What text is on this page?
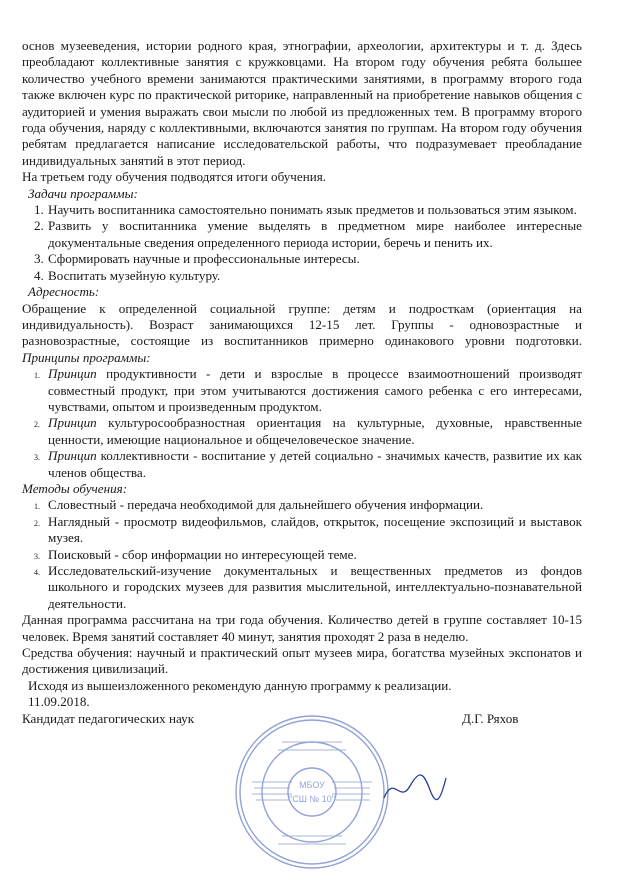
основ музееведения, истории родного края, этнографии, археологии, архитектуры и т. д. Здесь преобладают коллективные занятия с кружковцами. На втором году обучения ребята большее количество учебного времени занимаются практическими занятиями, в программу второго года также включен курс по практической риторике, направленный на приобретение навыков общения с аудиторией и умения выражать свои мысли по любой из предложенных тем. В программу второго года обучения, наряду с коллективными, включаются занятия по группам. На втором году обучения ребятам предлагается написание исследовательской работы, что подразумевает преобладание индивидуальных занятий в этот период.

На третьем году обучения подводятся итоги обучения.

Задачи программы:

1. Научить воспитанника самостоятельно понимать язык предметов и пользоваться этим языком.
2. Развить у воспитанника умение выделять в предметном мире наиболее интересные документальные сведения определенного периода истории, беречь и пенить их.
3. Сформировать научные и профессиональные интересы.
4. Воспитать музейную культуру.

Адресность:

Обращение к определенной социальной группе: детям и подросткам (ориентация на индивидуальность). Возраст занимающихся 12-15 лет. Группы - одновозрастные и разновозрастные, состоящие из воспитанников примерно одинакового уровни подготовки. Принципы программы:

1. Принцип продуктивности - дети и взрослые в процессе взаимоотношений производят совместный продукт, при этом учитываются достижения самого ребенка с его интересами, чувствами, опытом и произведенным продуктом.
2. Принцип культуросообразностная ориентация на культурные, духовные, нравственные ценности, имеющие национальное и общечеловеческое значение.
3. Принцип коллективности - воспитание у детей социально - значимых качеств, развитие их как членов общества.

Методы обучения:

1. Словестный - передача необходимой для дальнейшего обучения информации.
2. Наглядный - просмотр видеофильмов, слайдов, открыток, посещение экспозиций и выставок музея.
3. Поисковый - сбор информации но интересующей теме.
4. Исследовательский-изучение документальных и вещественных предметов из фондов школьного и городских музеев для развития мыслительной, интеллектуально-познавательной деятельности.

Данная программа рассчитана на три года обучения. Количество детей в группе составляет 10-15 человек. Время занятий составляет 40 минут, занятия проходят 2 раза в неделю.

Средства обучения: научный и практический опыт музеев мира, богатства музейных экспонатов и достижения цивилизаций.

Исходя из вышеизложенного рекомендую данную программу к реализации.

11.09.2018.

Кандидат педагогических наук	Д.Г. Ряхов
МБОУ
"СШ № 10"
